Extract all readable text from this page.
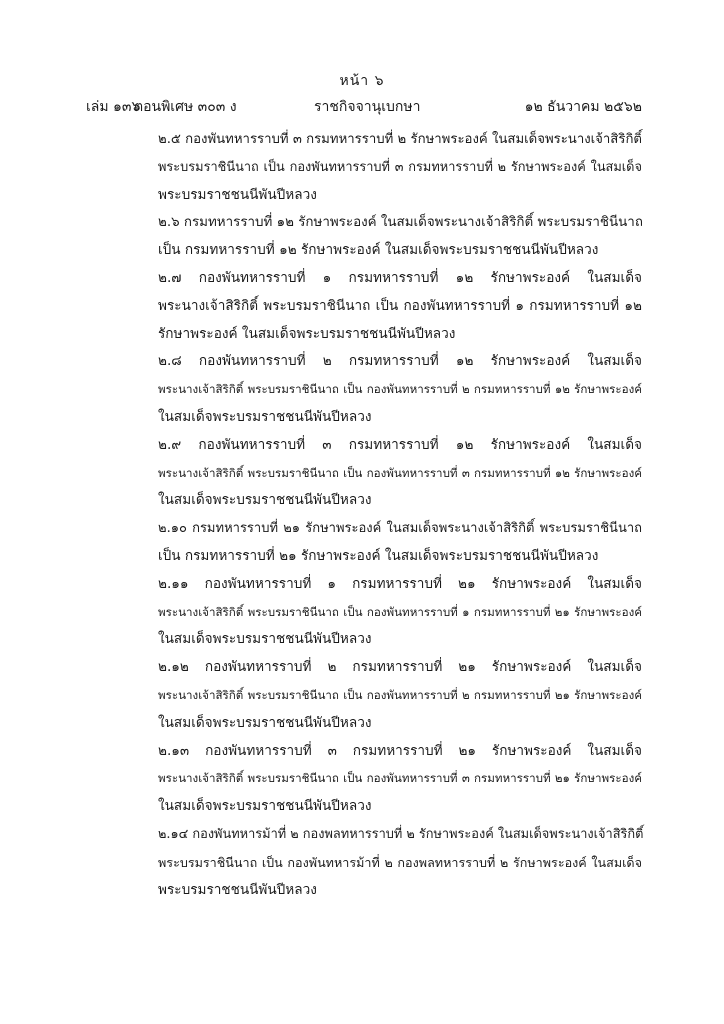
หน้า ๖
เล่ม ๑๓๖
ตอนพิเศษ ๓๐๓ ง	ราชกิจจานุเบกษา	๑๒ ธันวาคม ๒๕๖๒
๒.๕ กองพันทหารราบที่ ๓ กรมทหารราบที่ ๒ รักษาพระองค์ ในสมเด็จพระนางเจ้าสิริกิติ์
พระบรมราชินีนาถ เป็น กองพันทหารราบที่ ๓ กรมทหารราบที่ ๒ รักษาพระองค์ ในสมเด็จ
พระบรมราชชนนีพันปีหลวง
๒.๖ กรมทหารราบที่ ๑๒ รักษาพระองค์ ในสมเด็จพระนางเจ้าสิริกิติ์ พระบรมราชินีนาถ
เป็น กรมทหารราบที่ ๑๒ รักษาพระองค์ ในสมเด็จพระบรมราชชนนีพันปีหลวง
๒.๗ กองพันทหารราบที่ ๑ กรมทหารราบที่ ๑๒ รักษาพระองค์ ในสมเด็จ
พระนางเจ้าสิริกิติ์ พระบรมราชินีนาถ เป็น กองพันทหารราบที่ ๑ กรมทหารราบที่ ๑๒
รักษาพระองค์ ในสมเด็จพระบรมราชชนนีพันปีหลวง
๒.๘ กองพันทหารราบที่ ๒ กรมทหารราบที่ ๑๒ รักษาพระองค์ ในสมเด็จ
พระนางเจ้าสิริกิติ์ พระบรมราชินีนาถ เป็น กองพันทหารราบที่ ๒ กรมทหารราบที่ ๑๒ รักษาพระองค์
ในสมเด็จพระบรมราชชนนีพันปีหลวง
๒.๙ กองพันทหารราบที่ ๓ กรมทหารราบที่ ๑๒ รักษาพระองค์ ในสมเด็จ
พระนางเจ้าสิริกิติ์ พระบรมราชินีนาถ เป็น กองพันทหารราบที่ ๓ กรมทหารราบที่ ๑๒ รักษาพระองค์
ในสมเด็จพระบรมราชชนนีพันปีหลวง
๒.๑๐ กรมทหารราบที่ ๒๑ รักษาพระองค์ ในสมเด็จพระนางเจ้าสิริกิติ์ พระบรมราชินีนาถ
เป็น กรมทหารราบที่ ๒๑ รักษาพระองค์ ในสมเด็จพระบรมราชชนนีพันปีหลวง
๒.๑๑ กองพันทหารราบที่ ๑ กรมทหารราบที่ ๒๑ รักษาพระองค์ ในสมเด็จ
พระนางเจ้าสิริกิติ์ พระบรมราชินีนาถ เป็น กองพันทหารราบที่ ๑ กรมทหารราบที่ ๒๑ รักษาพระองค์
ในสมเด็จพระบรมราชชนนีพันปีหลวง
๒.๑๒ กองพันทหารราบที่ ๒ กรมทหารราบที่ ๒๑ รักษาพระองค์ ในสมเด็จ
พระนางเจ้าสิริกิติ์ พระบรมราชินีนาถ เป็น กองพันทหารราบที่ ๒ กรมทหารราบที่ ๒๑ รักษาพระองค์
ในสมเด็จพระบรมราชชนนีพันปีหลวง
๒.๑๓ กองพันทหารราบที่ ๓ กรมทหารราบที่ ๒๑ รักษาพระองค์ ในสมเด็จ
พระนางเจ้าสิริกิติ์ พระบรมราชินีนาถ เป็น กองพันทหารราบที่ ๓ กรมทหารราบที่ ๒๑ รักษาพระองค์
ในสมเด็จพระบรมราชชนนีพันปีหลวง
๒.๑๔ กองพันทหารม้าที่ ๒ กองพลทหารราบที่ ๒ รักษาพระองค์ ในสมเด็จพระนางเจ้าสิริกิติ์
พระบรมราชินีนาถ เป็น กองพันทหารม้าที่ ๒ กองพลทหารราบที่ ๒ รักษาพระองค์ ในสมเด็จ
พระบรมราชชนนีพันปีหลวง
